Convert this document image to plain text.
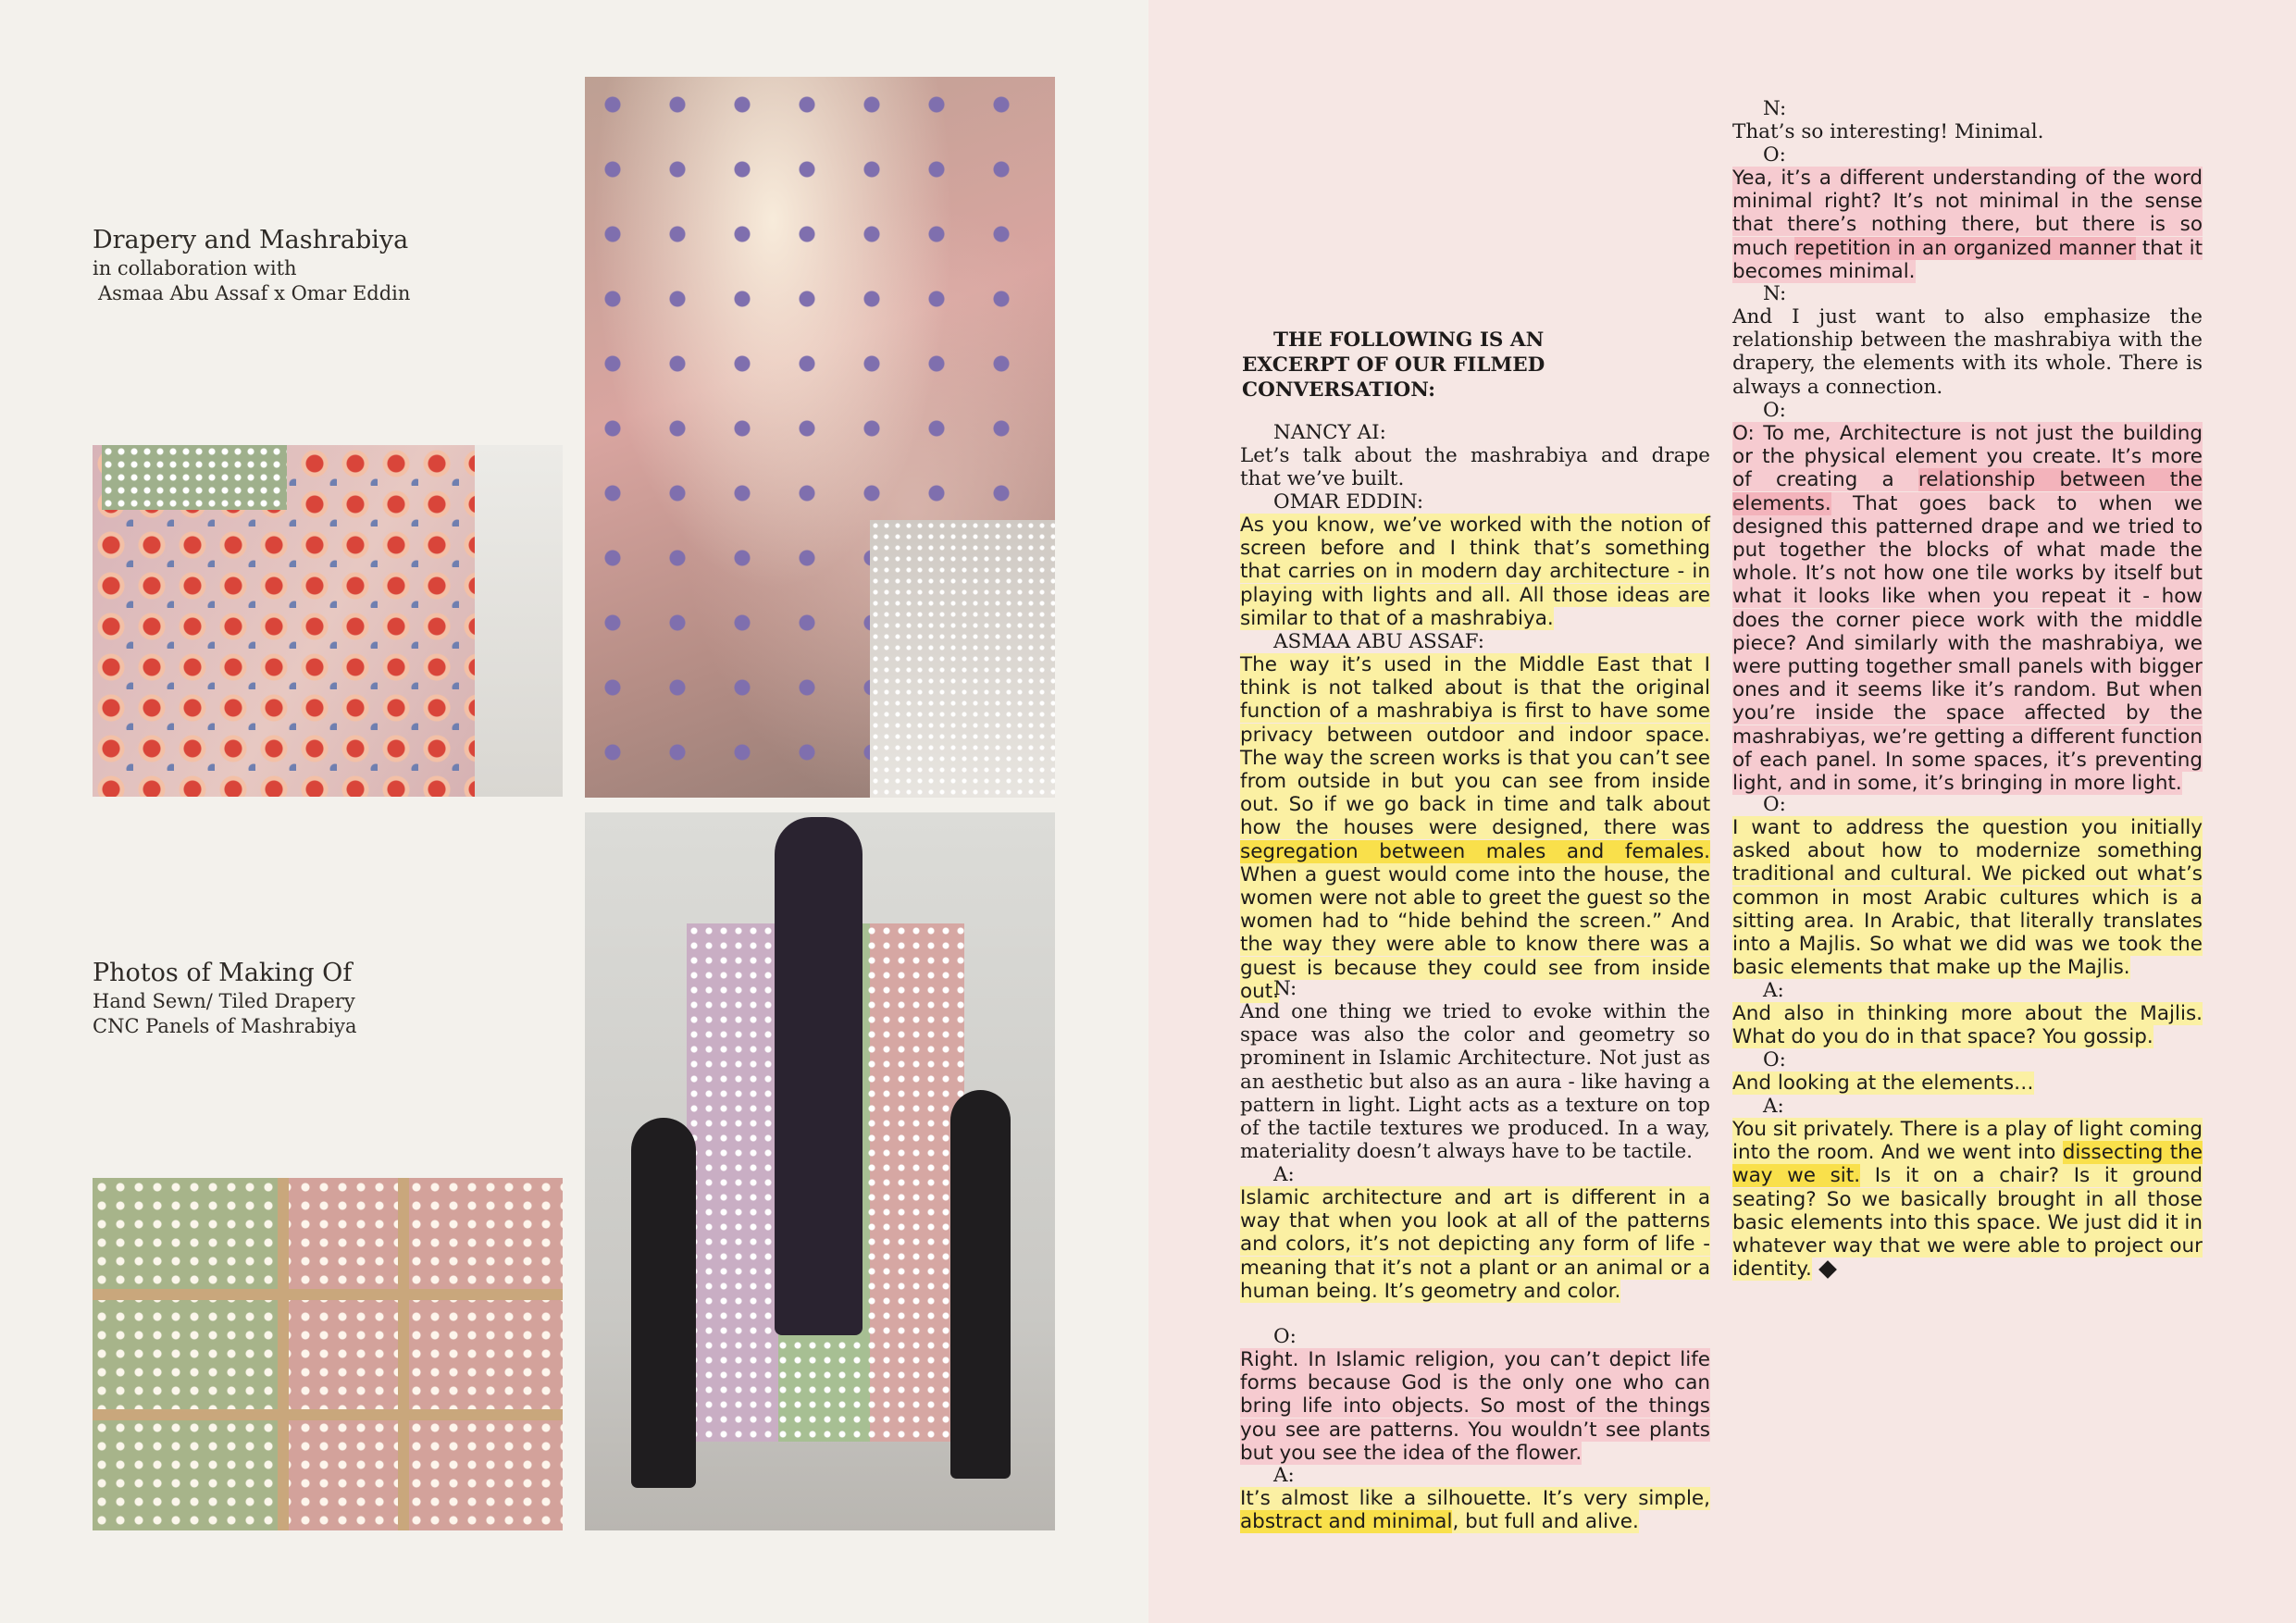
Drapery and Mashrabiya
in collaboration with
Asmaa Abu Assaf x Omar Eddin
Photos of Making Of
Hand Sewn/ Tiled Drapery
CNC Panels of Mashrabiya
THE FOLLOWING IS AN EXCERPT OF OUR FILMED CONVERSATION:
NANCY AI:
Let’s talk about the mashrabiya and drape that we’ve built.
OMAR EDDIN:
As you know, we’ve worked with the notion of screen before and I think that’s something that carries on in modern day architecture - in playing with lights and all. All those ideas are similar to that of a mashrabiya.
ASMAA ABU ASSAF:
The way it’s used in the Middle East that I think is not talked about is that the original function of a mashrabiya is first to have some privacy between outdoor and indoor space. The way the screen works is that you can’t see from outside in but you can see from inside out. So if we go back in time and talk about how the houses were designed, there was segregation between males and females. When a guest would come into the house, the women were not able to greet the guest so the women had to “hide behind the screen.” And the way they were able to know there was a guest is because they could see from inside out.
N:
And one thing we tried to evoke within the space was also the color and geometry so prominent in Islamic Architecture. Not just as an aesthetic but also as an aura - like having a pattern in light. Light acts as a texture on top of the tactile textures we produced. In a way, materiality doesn’t always have to be tactile.
A:
Islamic architecture and art is different in a way that when you look at all of the patterns and colors, it’s not depicting any form of life - meaning that it’s not a plant or an animal or a human being. It’s geometry and color.
O:
Right. In Islamic religion, you can’t depict life forms because God is the only one who can bring life into objects. So most of the things you see are patterns. You wouldn’t see plants but you see the idea of the flower.
A:
It’s almost like a silhouette. It’s very simple, abstract and minimal, but full and alive.
N:
That’s so interesting! Minimal.
O:
Yea, it’s a different understanding of the word minimal right? It’s not minimal in the sense that there’s nothing there, but there is so much repetition in an organized manner that it becomes minimal.
N:
And I just want to also emphasize the relationship between the mashrabiya with the drapery, the elements with its whole. There is always a connection.
O:
O: To me, Architecture is not just the building or the physical element you create. It’s more of creating a relationship between the elements. That goes back to when we designed this patterned drape and we tried to put together the blocks of what made the whole. It’s not how one tile works by itself but what it looks like when you repeat it - how does the corner piece work with the middle piece? And similarly with the mashrabiya, we were putting together small panels with bigger ones and it seems like it’s random. But when you’re inside the space affected by the mashrabiyas, we’re getting a different function of each panel. In some spaces, it’s preventing light, and in some, it’s bringing in more light.
O:
I want to address the question you initially asked about how to modernize something traditional and cultural. We picked out what’s common in most Arabic cultures which is a sitting area. In Arabic, that literally translates into a Majlis. So what we did was we took the basic elements that make up the Majlis.
A:
And also in thinking more about the Majlis. What do you do in that space? You gossip.
O:
And looking at the elements…
A:
You sit privately. There is a play of light coming into the room. And we went into dissecting the way we sit. Is it on a chair? Is it ground seating? So we basically brought in all those basic elements into this space. We just did it in whatever way that we were able to project our identity.
